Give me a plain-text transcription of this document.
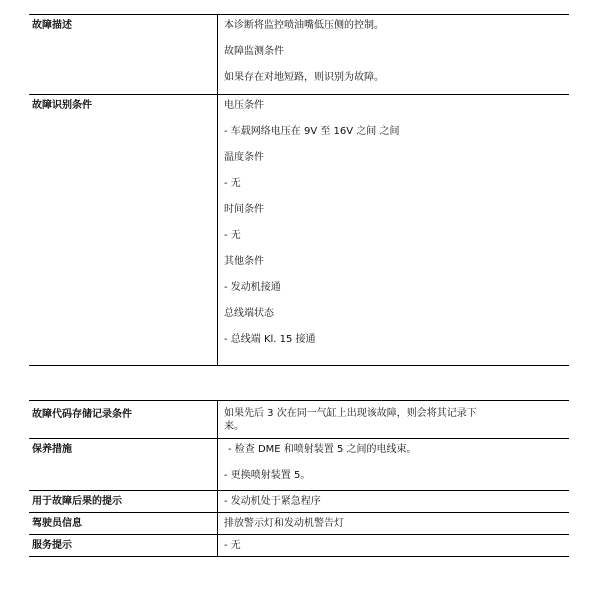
故障描述	本诊断将监控喷油嘴低压侧的控制。

故障监测条件

如果存在对地短路，则识别为故障。

故障识别条件	电压条件

- 车载网络电压在 9V 至 16V 之间 之间

温度条件

- 无

时间条件

- 无

其他条件

- 发动机接通

总线端状态

- 总线端 Kl. 15 接通

故障代码存储记录条件	如果先后 3 次在同一气缸上出现该故障，则会将其记录下

来。

保养措施	- 检查 DME 和喷射装置 5 之间的电线束。

- 更换喷射装置 5。

用于故障后果的提示	- 发动机处于紧急程序

驾驶员信息	排放警示灯和发动机警告灯

服务提示	- 无
